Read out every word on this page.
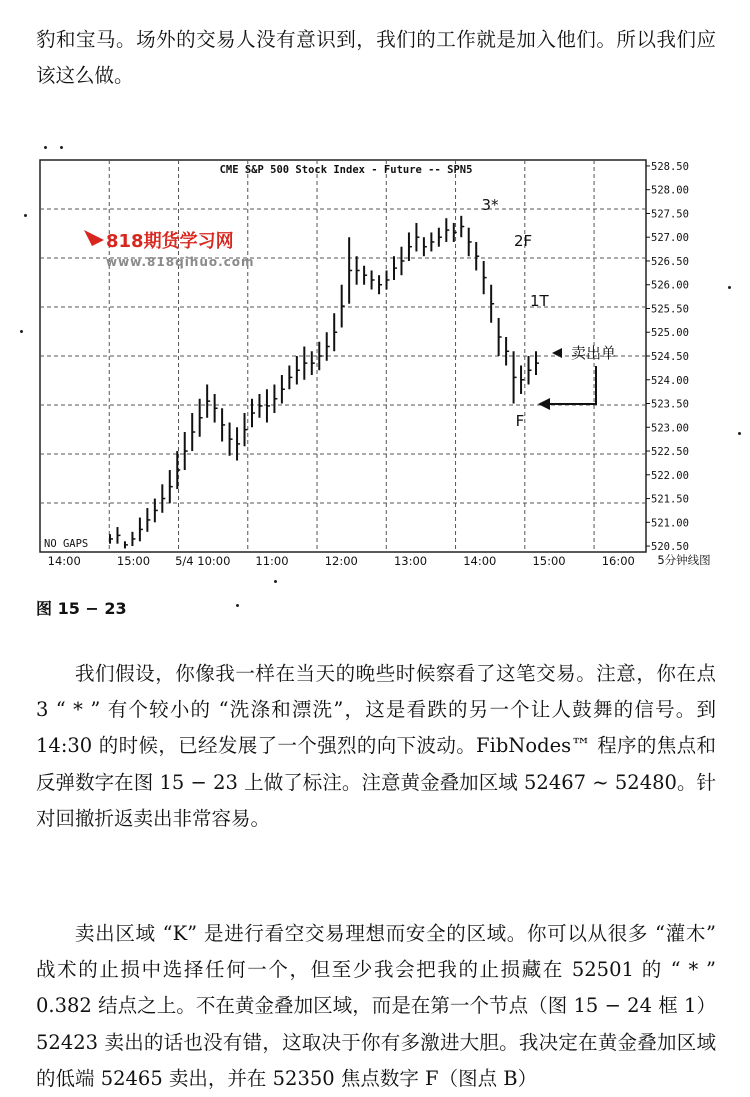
豹和宝马。场外的交易人没有意识到，我们的工作就是加入他们。所以我们应该这么做。

CME S&P 500 Stock Index - Future -- SPN5
NO GAPS
5分钟线图
528.50
528.00
527.50
527.00
526.50
526.00
525.50
525.00
524.50
524.00
523.50
523.00
522.50
522.00
521.50
521.00
520.50
14:00	15:00 5/4 10:00 11:00	12:00	13:00	14:00	15:00	16:00
818期货学习网
www.818qihuo.com
3*
2F
1T
F
卖出单
图 15 − 23

我们假设，你像我一样在当天的晚些时候察看了这笔交易。注意，你在点 3 “ * ” 有个较小的 “洗涤和漂洗”，这是看跌的另一个让人鼓舞的信号。到 14:30 的时候，已经发展了一个强烈的向下波动。FibNodes™ 程序的焦点和反弹数字在图 15 − 23 上做了标注。注意黄金叠加区域 52467 ~ 52480。针对回撤折返卖出非常容易。

卖出区域 “K” 是进行看空交易理想而安全的区域。你可以从很多 “灌木” 战术的止损中选择任何一个，但至少我会把我的止损藏在 52501 的 “ * ” 0.382 结点之上。不在黄金叠加区域，而是在第一个节点（图 15 − 24 框 1） 52423 卖出的话也没有错，这取决于你有多激进大胆。我决定在黄金叠加区域的低端 52465 卖出，并在 52350 焦点数字 F（图点 B）
